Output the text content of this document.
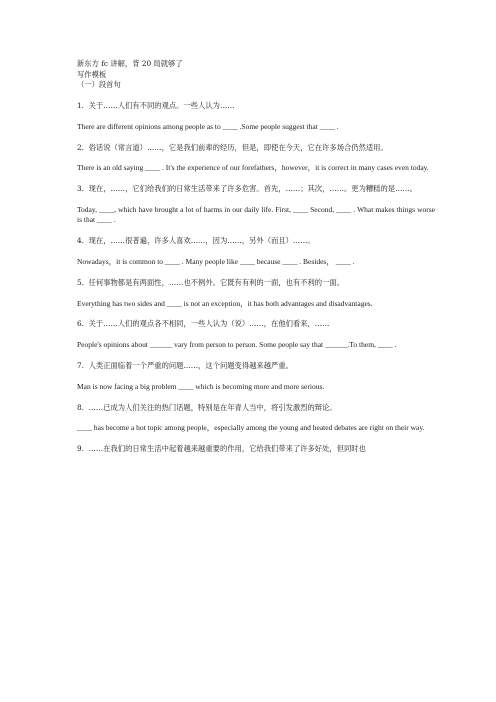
新东方 fc 讲解，背 20 局就够了

写作模板

（一）段首句

1.  关于……人们有不同的观点。一些人认为……

There are different opinions among people as to ____ .Some people suggest that ____ .

2.  俗话说（常言道）……，它是我们前辈的经历，但是，即使在今天，它在许多场合仍然适用。

There is an old saying ____ . It's the experience of our forefathers，however，it is correct in many cases even today.

3.  现在，……，它们给我们的日常生活带来了许多危害。首先，……；其次，……。更为糟糕的是……。

Today, ____, which have brought a lot of harms in our daily life. First, ____ Second, ____ . What makes things worse is that ____ .

4.  现在，……很普遍，许多人喜欢……，因为……，另外（而且）……。

Nowadays，it is common to ____ . Many people like ____ because ____ . Besides， ____ .

5.  任何事物都是有两面性，……也不例外。它既有有利的一面，也有不利的一面。

Everything has two sides and ____ is not an exception，it has both advantages and disadvantages.

6.  关于……人们的观点各不相同，一些人认为（说）……，在他们看来，……

People's opinions about ______ vary from person to person. Some people say that ______.To them, ____ .

7.  人类正面临着一个严重的问题……，这个问题变得越来越严重。

Man is now facing a big problem ____ which is becoming more and more serious.

8.  ……已成为人们关注的热门话题，特别是在年青人当中，将引发激烈的辩论。

____ has become a hot topic among people，especially among the young and heated debates are right on their way.

9.  ……在我们的日常生活中起着越来越重要的作用，它给我们带来了许多好处，但同时也
